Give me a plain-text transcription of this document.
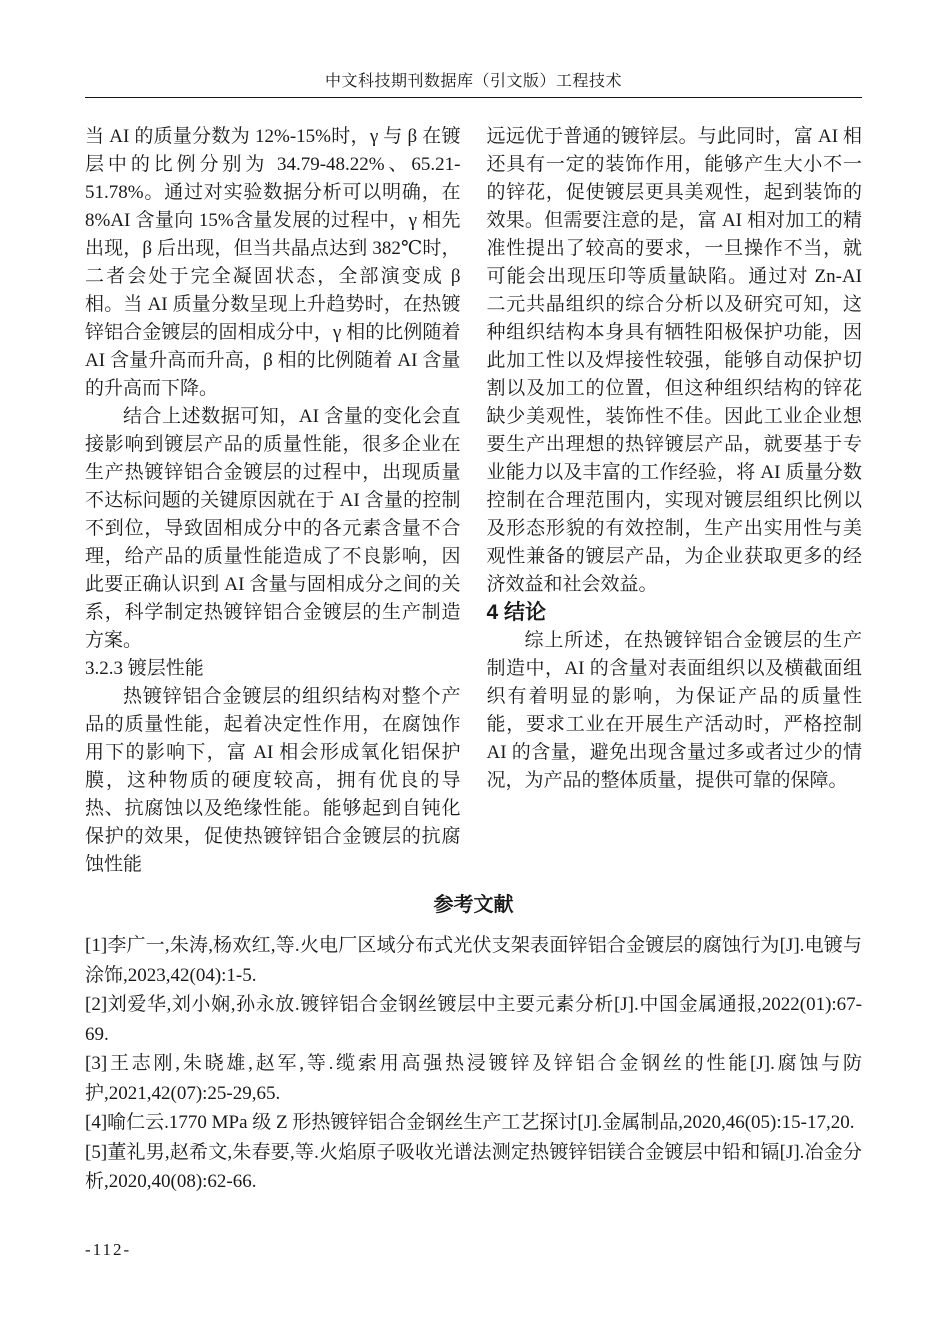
中文科技期刊数据库（引文版）工程技术

当 AI 的质量分数为 12%-15%时，γ 与 β 在镀层中的比例分别为 34.79-48.22%、65.21-51.78%。通过对实验数据分析可以明确，在 8%AI 含量向 15%含量发展的过程中，γ 相先出现，β 后出现，但当共晶点达到 382℃时，二者会处于完全凝固状态，全部演变成 β 相。当 AI 质量分数呈现上升趋势时，在热镀锌铝合金镀层的固相成分中，γ 相的比例随着 AI 含量升高而升高，β 相的比例随着 AI 含量的升高而下降。

结合上述数据可知，AI 含量的变化会直接影响到镀层产品的质量性能，很多企业在生产热镀锌铝合金镀层的过程中，出现质量不达标问题的关键原因就在于 AI 含量的控制不到位，导致固相成分中的各元素含量不合理，给产品的质量性能造成了不良影响，因此要正确认识到 AI 含量与固相成分之间的关系，科学制定热镀锌铝合金镀层的生产制造方案。

3.2.3 镀层性能

热镀锌铝合金镀层的组织结构对整个产品的质量性能，起着决定性作用，在腐蚀作用下的影响下，富 AI 相会形成氧化铝保护膜，这种物质的硬度较高，拥有优良的导热、抗腐蚀以及绝缘性能。能够起到自钝化保护的效果，促使热镀锌铝合金镀层的抗腐蚀性能

远远优于普通的镀锌层。与此同时，富 AI 相还具有一定的装饰作用，能够产生大小不一的锌花，促使镀层更具美观性，起到装饰的效果。但需要注意的是，富 AI 相对加工的精准性提出了较高的要求，一旦操作不当，就可能会出现压印等质量缺陷。通过对 Zn-AI 二元共晶组织的综合分析以及研究可知，这种组织结构本身具有牺牲阳极保护功能，因此加工性以及焊接性较强，能够自动保护切割以及加工的位置，但这种组织结构的锌花缺少美观性，装饰性不佳。因此工业企业想要生产出理想的热锌镀层产品，就要基于专业能力以及丰富的工作经验，将 AI 质量分数控制在合理范围内，实现对镀层组织比例以及形态形貌的有效控制，生产出实用性与美观性兼备的镀层产品，为企业获取更多的经济效益和社会效益。

4 结论

综上所述，在热镀锌铝合金镀层的生产制造中，AI 的含量对表面组织以及横截面组织有着明显的影响，为保证产品的质量性能，要求工业在开展生产活动时，严格控制 AI 的含量，避免出现含量过多或者过少的情况，为产品的整体质量，提供可靠的保障。

参考文献

[1]李广一,朱涛,杨欢红,等.火电厂区域分布式光伏支架表面锌铝合金镀层的腐蚀行为[J].电镀与涂饰,2023,42(04):1-5.

[2]刘爱华,刘小娴,孙永放.镀锌铝合金钢丝镀层中主要元素分析[J].中国金属通报,2022(01):67-69.

[3]王志刚,朱晓雄,赵军,等.缆索用高强热浸镀锌及锌铝合金钢丝的性能[J].腐蚀与防护,2021,42(07):25-29,65.

[4]喻仁云.1770 MPa 级 Z 形热镀锌铝合金钢丝生产工艺探讨[J].金属制品,2020,46(05):15-17,20.

[5]董礼男,赵希文,朱春要,等.火焰原子吸收光谱法测定热镀锌铝镁合金镀层中铅和镉[J].冶金分析,2020,40(08):62-66.

-112-
